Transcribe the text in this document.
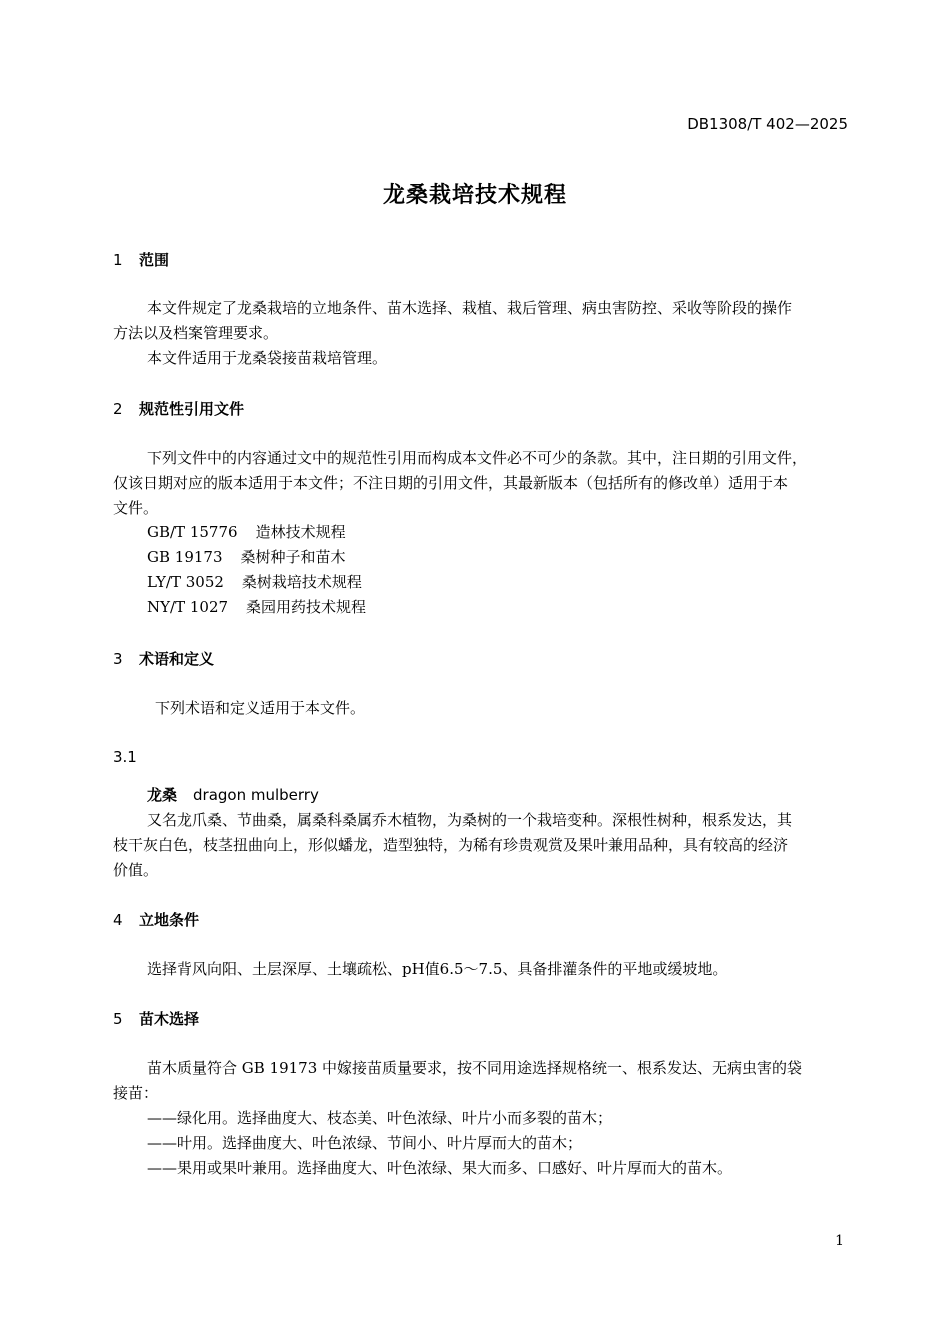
DB1308/T 402—2025
龙桑栽培技术规程
1 范围
本文件规定了龙桑栽培的立地条件、苗木选择、栽植、栽后管理、病虫害防控、采收等阶段的操作
方法以及档案管理要求。
本文件适用于龙桑袋接苗栽培管理。
2 规范性引用文件
下列文件中的内容通过文中的规范性引用而构成本文件必不可少的条款。其中，注日期的引用文件，
仅该日期对应的版本适用于本文件；不注日期的引用文件，其最新版本（包括所有的修改单）适用于本
文件。
GB/T 15776 造林技术规程
GB 19173 桑树种子和苗木
LY/T 3052 桑树栽培技术规程
NY/T 1027 桑园用药技术规程
3 术语和定义
下列术语和定义适用于本文件。
3.1
龙桑 dragon mulberry
又名龙爪桑、节曲桑，属桑科桑属乔木植物，为桑树的一个栽培变种。深根性树种，根系发达，其
枝干灰白色，枝茎扭曲向上，形似蟠龙，造型独特，为稀有珍贵观赏及果叶兼用品种，具有较高的经济
价值。
4 立地条件
选择背风向阳、土层深厚、土壤疏松、pH值6.5～7.5、具备排灌条件的平地或缓坡地。
5 苗木选择
苗木质量符合 GB 19173 中嫁接苗质量要求，按不同用途选择规格统一、根系发达、无病虫害的袋
接苗：
——绿化用。选择曲度大、枝态美、叶色浓绿、叶片小而多裂的苗木；
——叶用。选择曲度大、叶色浓绿、节间小、叶片厚而大的苗木；
——果用或果叶兼用。选择曲度大、叶色浓绿、果大而多、口感好、叶片厚而大的苗木。
1
